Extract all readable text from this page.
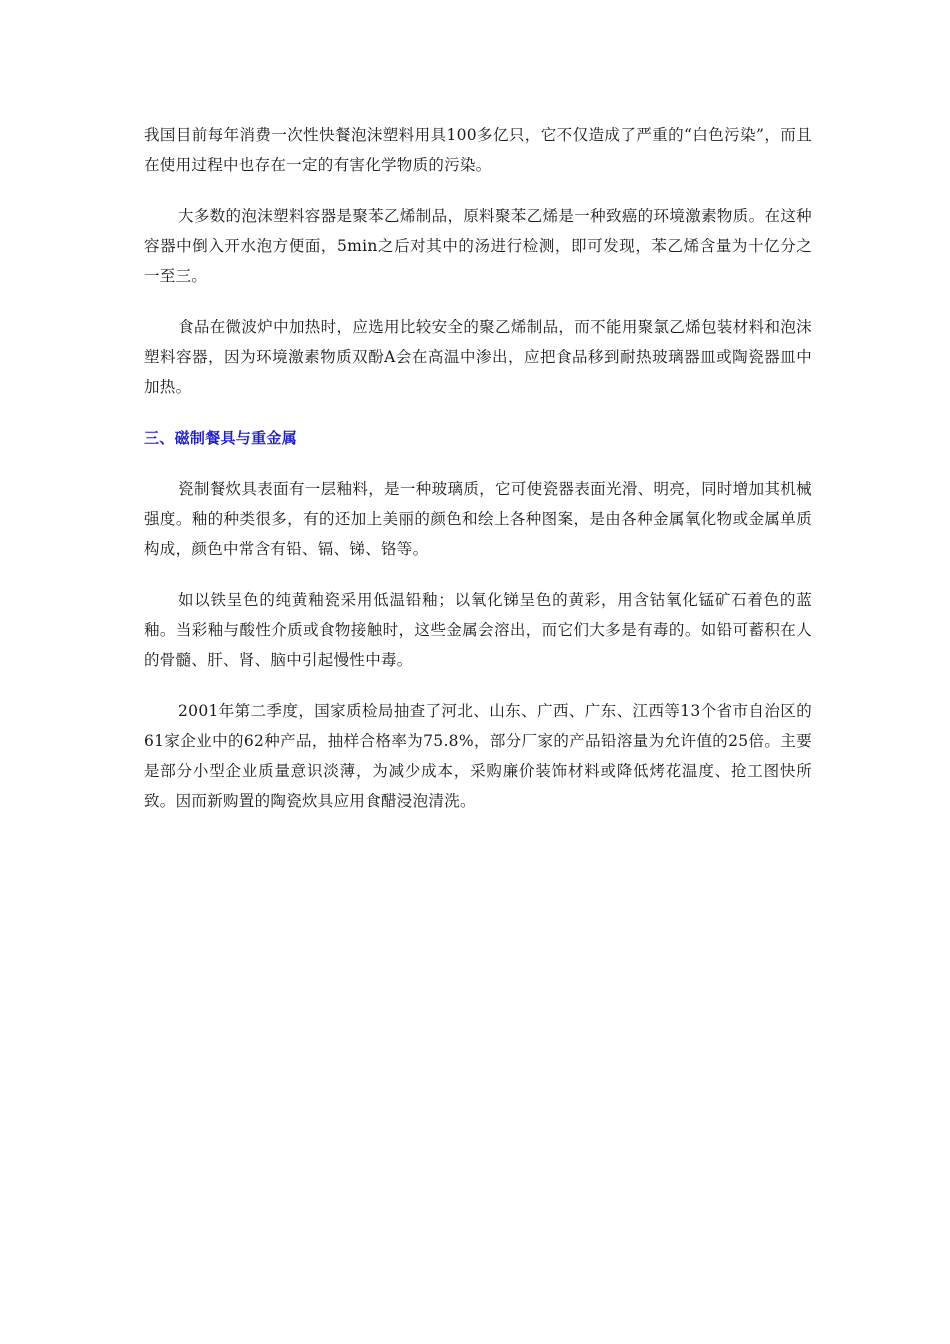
我国目前每年消费一次性快餐泡沫塑料用具100多亿只，它不仅造成了严重的“白色污染”，而且在使用过程中也存在一定的有害化学物质的污染。

大多数的泡沫塑料容器是聚苯乙烯制品，原料聚苯乙烯是一种致癌的环境激素物质。在这种容器中倒入开水泡方便面，5min之后对其中的汤进行检测，即可发现，苯乙烯含量为十亿分之一至三。

食品在微波炉中加热时，应选用比较安全的聚乙烯制品，而不能用聚氯乙烯包装材料和泡沫塑料容器，因为环境激素物质双酚A会在高温中渗出，应把食品移到耐热玻璃器皿或陶瓷器皿中加热。

三、磁制餐具与重金属

瓷制餐炊具表面有一层釉料，是一种玻璃质，它可使瓷器表面光滑、明亮，同时增加其机械强度。釉的种类很多，有的还加上美丽的颜色和绘上各种图案，是由各种金属氧化物或金属单质构成，颜色中常含有铅、镉、锑、铬等。

如以铁呈色的纯黄釉瓷采用低温铅釉；以氧化锑呈色的黄彩，用含钴氧化锰矿石着色的蓝釉。当彩釉与酸性介质或食物接触时，这些金属会溶出，而它们大多是有毒的。如铅可蓄积在人的骨髓、肝、肾、脑中引起慢性中毒。

2001年第二季度，国家质检局抽查了河北、山东、广西、广东、江西等13个省市自治区的61家企业中的62种产品，抽样合格率为75.8%，部分厂家的产品铅溶量为允许值的25倍。主要是部分小型企业质量意识淡薄，为减少成本，采购廉价装饰材料或降低烤花温度、抢工图快所致。因而新购置的陶瓷炊具应用食醋浸泡清洗。
